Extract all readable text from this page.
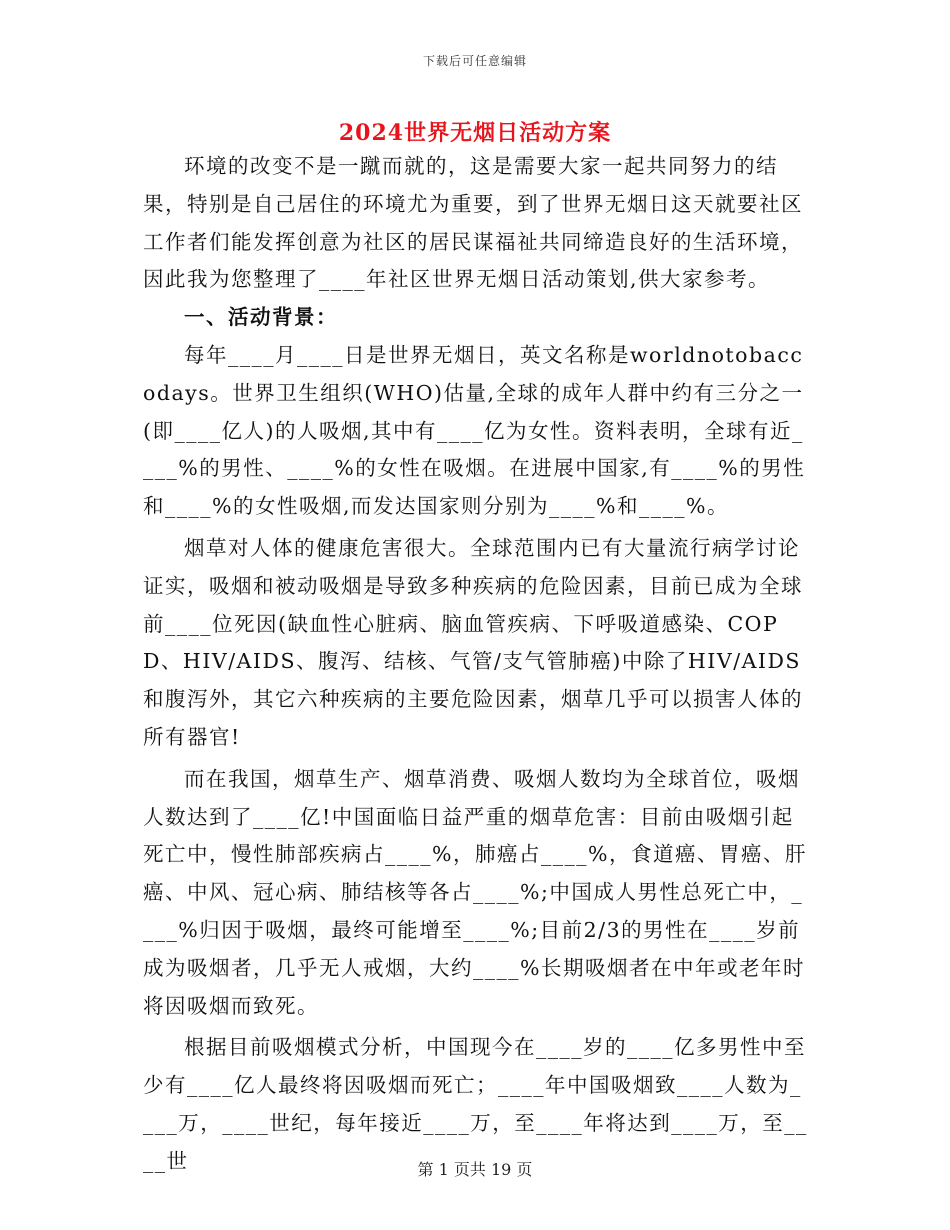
下载后可任意编辑
2024世界无烟日活动方案

环境的改变不是一蹴而就的，这是需要大家一起共同努力的结果，特别是自己居住的环境尤为重要，到了世界无烟日这天就要社区工作者们能发挥创意为社区的居民谋福祉共同缔造良好的生活环境，因此我为您整理了____年社区世界无烟日活动策划,供大家参考。

一、活动背景：

每年____月____日是世界无烟日，英文名称是worldnotobaccodays。世界卫生组织(WHO)估量,全球的成年人群中约有三分之一(即____亿人)的人吸烟,其中有____亿为女性。资料表明，全球有近____%的男性、____%的女性在吸烟。在进展中国家,有____%的男性和____%的女性吸烟,而发达国家则分别为____%和____%。

烟草对人体的健康危害很大。全球范围内已有大量流行病学讨论证实，吸烟和被动吸烟是导致多种疾病的危险因素，目前已成为全球前____位死因(缺血性心脏病、脑血管疾病、下呼吸道感染、COPD、HIV/AIDS、腹泻、结核、气管/支气管肺癌)中除了HIV/AIDS和腹泻外，其它六种疾病的主要危险因素，烟草几乎可以损害人体的所有器官!

而在我国，烟草生产、烟草消费、吸烟人数均为全球首位，吸烟人数达到了____亿!中国面临日益严重的烟草危害：目前由吸烟引起死亡中，慢性肺部疾病占____%，肺癌占____%，食道癌、胃癌、肝癌、中风、冠心病、肺结核等各占____%;中国成人男性总死亡中，____%归因于吸烟，最终可能增至____%;目前2/3的男性在____岁前成为吸烟者，几乎无人戒烟，大约____%长期吸烟者在中年或老年时将因吸烟而致死。

根据目前吸烟模式分析，中国现今在____岁的____亿多男性中至少有____亿人最终将因吸烟而死亡；____年中国吸烟致____人数为____万，____世纪，每年接近____万，至____年将达到____万，至____世	第 1 页共 19 页
